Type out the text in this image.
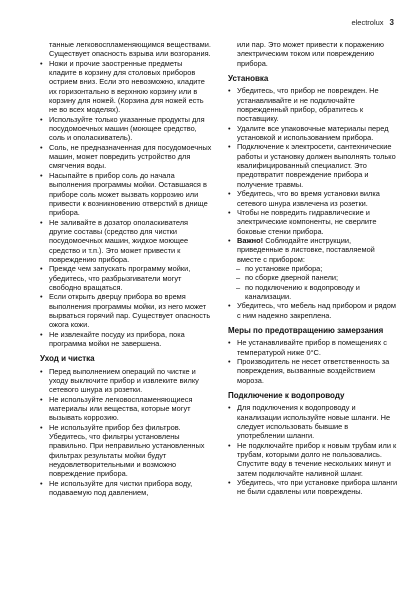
electrolux 3
танные легковоспламеняющимся веществами. Существует опасность взрыва или возгорания.
• Ножи и прочие заостренные предметы кладите в корзину для столовых приборов острием вниз. Если это невозможно, кладите их горизонтально в верхнюю корзину или в корзину для ножей. (Корзина для ножей есть не во всех моделях).
• Используйте только указанные продукты для посудомоечных машин (моющее средство, соль и ополаскиватель).
• Соль, не предназначенная для посудомоечных машин, может повредить устройство для смягчения воды.
• Насыпайте в прибор соль до начала выполнения программы мойки. Оставшаяся в приборе соль может вызвать коррозию или привести к возникновению отверстий в днище прибора.
• Не заливайте в дозатор ополаскивателя другие составы (средство для чистки посудомоечных машин, жидкое моющее средство и т.п.). Это может привести к повреждению прибора.
• Прежде чем запускать программу мойки, убедитесь, что разбрызгиватели могут свободно вращаться.
• Если открыть дверцу прибора во время выполнения программы мойки, из него может вырваться горячий пар. Существует опасность ожога кожи.
• Не извлекайте посуду из прибора, пока программа мойки не завершена.
Уход и чистка
• Перед выполнением операций по чистке и уходу выключите прибор и извлеките вилку сетевого шнура из розетки.
• Не используйте легковоспламеняющиеся материалы или вещества, которые могут вызывать коррозию.
• Не используйте прибор без фильтров. Убедитесь, что фильтры установлены правильно. При неправильно установленных фильтрах результаты мойки будут неудовлетворительными и возможно повреждение прибора.
• Не используйте для чистки прибора воду, подаваемую под давлением,
или пар. Это может привести к поражению электрическим током или повреждению прибора.
Установка
• Убедитесь, что прибор не поврежден. Не устанавливайте и не подключайте поврежденный прибор, обратитесь к поставщику.
• Удалите все упаковочные материалы перед установкой и использованием прибора.
• Подключение к электросети, сантехнические работы и установку должен выполнять только квалифицированный специалист. Это предотвратит повреждение прибора и получение травмы.
• Убедитесь, что во время установки вилка сетевого шнура извлечена из розетки.
• Чтобы не повредить гидравлические и электрические компоненты, не сверлите боковые стенки прибора.
• Важно! Соблюдайте инструкции, приведенные в листовке, поставляемой вместе с прибором:
– по установке прибора;
– по сборке дверной панели;
– по подключению к водопроводу и канализации.
• Убедитесь, что мебель над прибором и рядом с ним надежно закреплена.
Меры по предотвращению замерзания
• Не устанавливайте прибор в помещениях с температурой ниже 0°C.
• Производитель не несет ответственность за повреждения, вызванные воздействием мороза.
Подключение к водопроводу
• Для подключения к водопроводу и канализации используйте новые шланги. Не следует использовать бывшие в употреблении шланги.
• Не подключайте прибор к новым трубам или к трубам, которыми долго не пользовались. Спустите воду в течение нескольких минут и затем подключайте наливной шланг.
• Убедитесь, что при установке прибора шланги не были сдавлены или повреждены.
